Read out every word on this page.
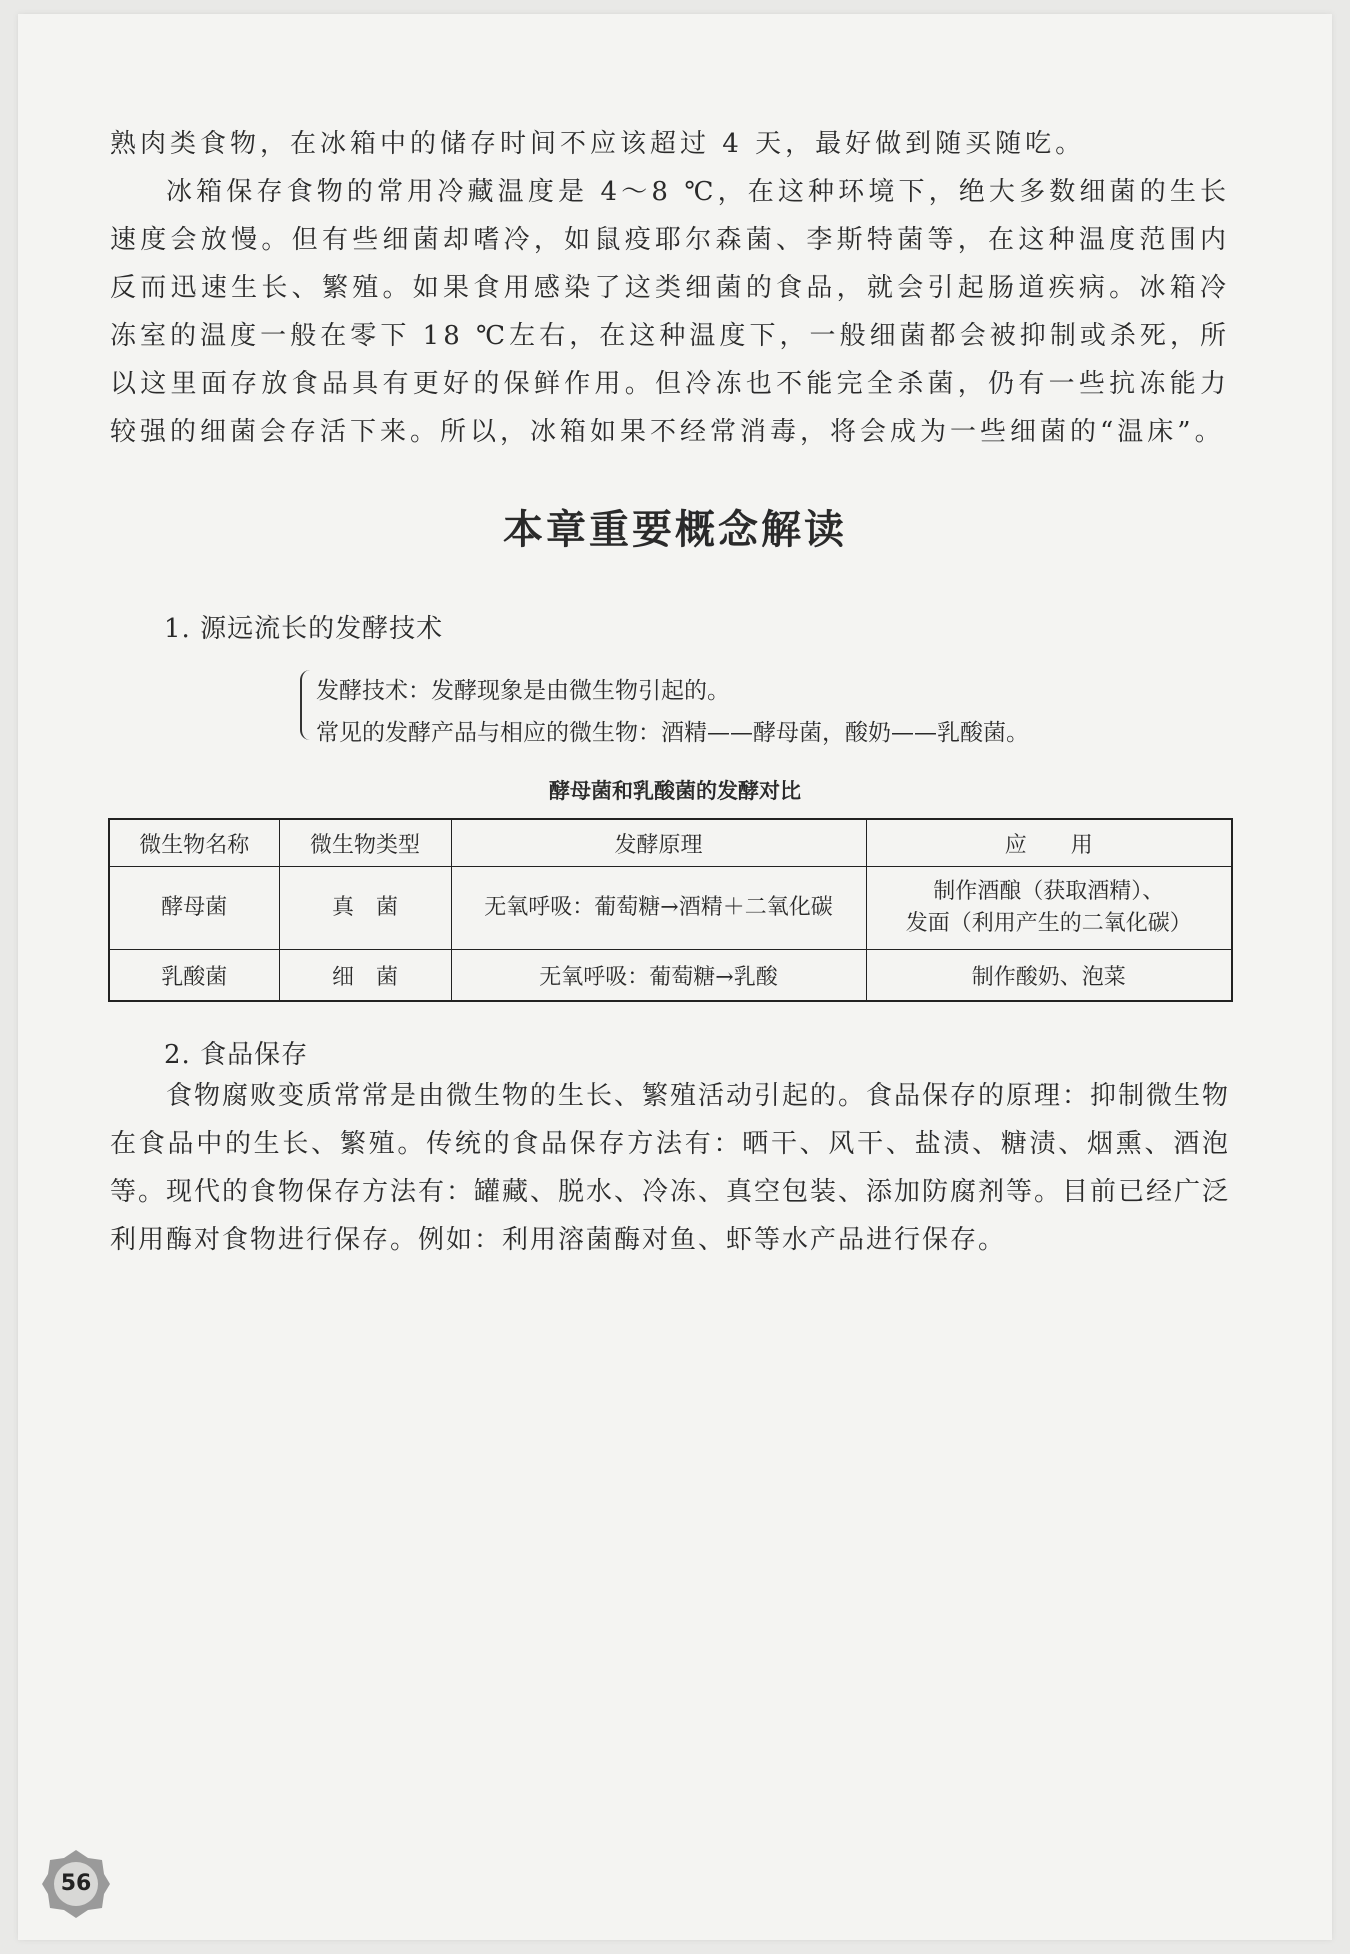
熟肉类食物，在冰箱中的储存时间不应该超过 4 天，最好做到随买随吃。

冰箱保存食物的常用冷藏温度是 4～8 ℃，在这种环境下，绝大多数细菌的生长速度会放慢。但有些细菌却嗜冷，如鼠疫耶尔森菌、李斯特菌等，在这种温度范围内反而迅速生长、繁殖。如果食用感染了这类细菌的食品，就会引起肠道疾病。冰箱冷冻室的温度一般在零下 18 ℃左右，在这种温度下，一般细菌都会被抑制或杀死，所以这里面存放食品具有更好的保鲜作用。但冷冻也不能完全杀菌，仍有一些抗冻能力较强的细菌会存活下来。所以，冰箱如果不经常消毒，将会成为一些细菌的“温床”。

本章重要概念解读
1. 源远流长的发酵技术
发酵技术：发酵现象是由微生物引起的。
常见的发酵产品与相应的微生物：酒精——酵母菌，酸奶——乳酸菌。
酵母菌和乳酸菌的发酵对比
微生物名称	微生物类型	发酵原理	应　　用
酵母菌	真　菌	无氧呼吸：葡萄糖→酒精＋二氧化碳	制作酒酿（获取酒精）、
发面（利用产生的二氧化碳）

乳酸菌	细　菌	无氧呼吸：葡萄糖→乳酸	制作酸奶、泡菜
2. 食品保存

食物腐败变质常常是由微生物的生长、繁殖活动引起的。食品保存的原理：抑制微生物在食品中的生长、繁殖。传统的食品保存方法有：晒干、风干、盐渍、糖渍、烟熏、酒泡等。现代的食物保存方法有：罐藏、脱水、冷冻、真空包装、添加防腐剂等。目前已经广泛利用酶对食物进行保存。例如：利用溶菌酶对鱼、虾等水产品进行保存。

56
